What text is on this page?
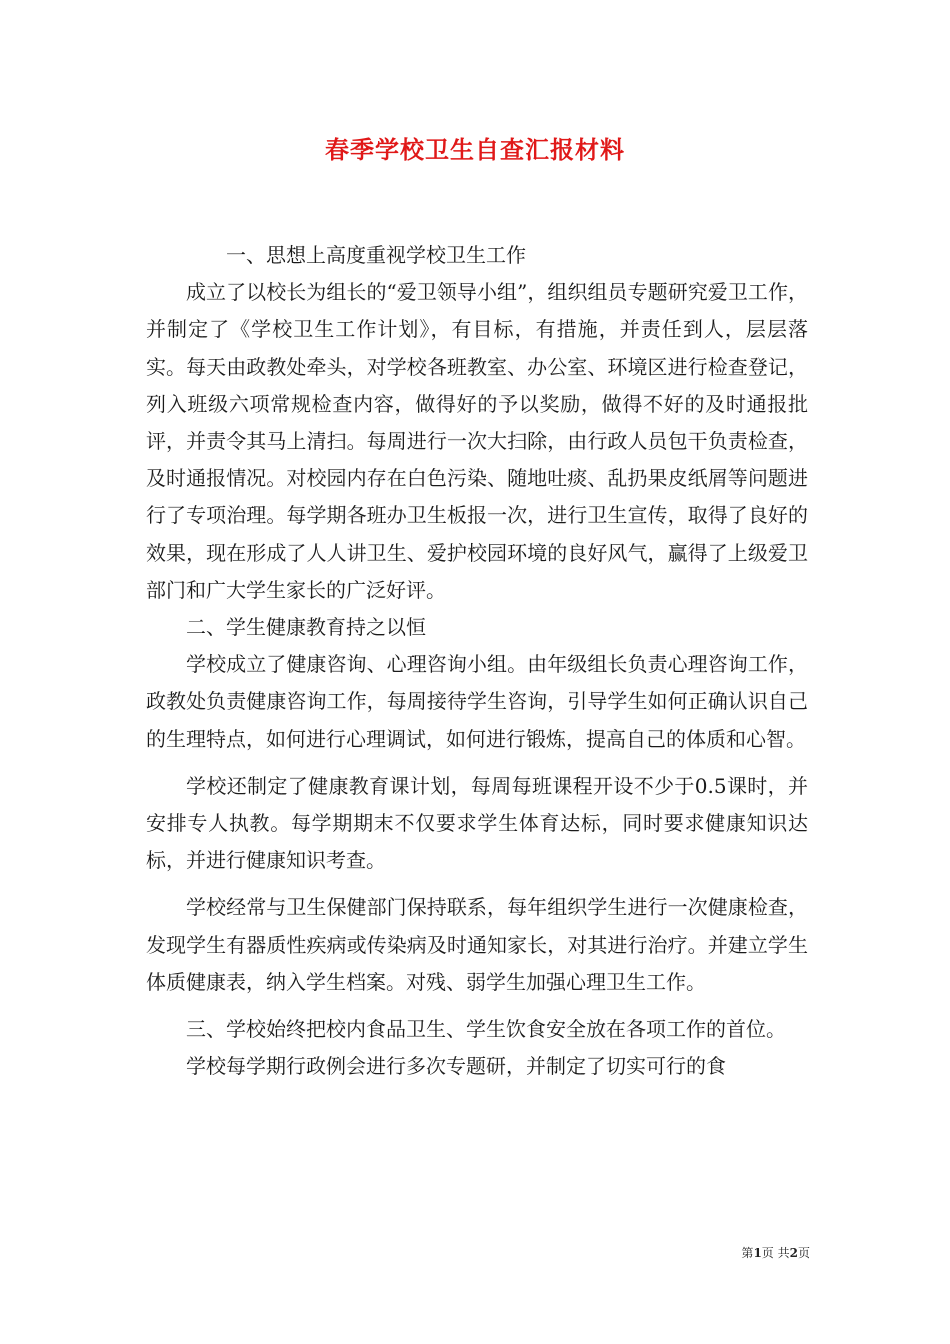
春季学校卫生自查汇报材料

一、思想上高度重视学校卫生工作

成立了以校长为组长的“爱卫领导小组”，组织组员专题研究爱卫工作，并制定了《学校卫生工作计划》，有目标，有措施，并责任到人，层层落实。每天由政教处牵头，对学校各班教室、办公室、环境区进行检查登记，列入班级六项常规检查内容，做得好的予以奖励，做得不好的及时通报批评，并责令其马上清扫。每周进行一次大扫除，由行政人员包干负责检查，及时通报情况。对校园内存在白色污染、随地吐痰、乱扔果皮纸屑等问题进行了专项治理。每学期各班办卫生板报一次，进行卫生宣传，取得了良好的效果，现在形成了人人讲卫生、爱护校园环境的良好风气，赢得了上级爱卫部门和广大学生家长的广泛好评。

二、学生健康教育持之以恒

学校成立了健康咨询、心理咨询小组。由年级组长负责心理咨询工作，政教处负责健康咨询工作，每周接待学生咨询，引导学生如何正确认识自己的生理特点，如何进行心理调试，如何进行锻炼，提高自己的体质和心智。

学校还制定了健康教育课计划，每周每班课程开设不少于0.5课时，并安排专人执教。每学期期末不仅要求学生体育达标，同时要求健康知识达标，并进行健康知识考查。

学校经常与卫生保健部门保持联系，每年组织学生进行一次健康检查，发现学生有器质性疾病或传染病及时通知家长，对其进行治疗。并建立学生体质健康表，纳入学生档案。对残、弱学生加强心理卫生工作。

三、学校始终把校内食品卫生、学生饮食安全放在各项工作的首位。

学校每学期行政例会进行多次专题研，并制定了切实可行的食

第1页 共2页
